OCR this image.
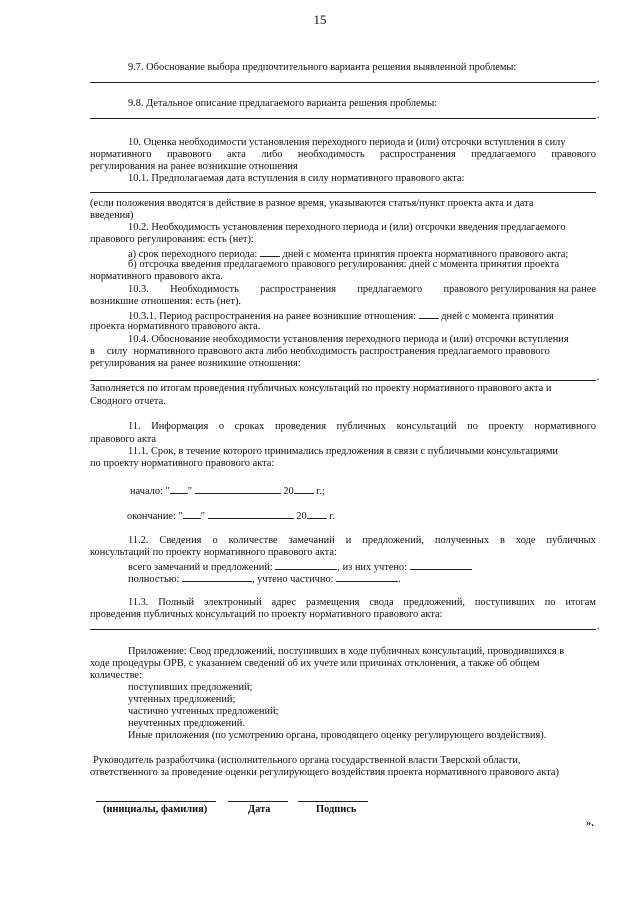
15
9.7. Обоснование выбора предпочтительного варианта решения выявленной проблемы:
.
9.8. Детальное описание предлагаемого варианта решения проблемы:
.
10. Оценка необходимости установления переходного периода и (или) отсрочки вступления в силу
нормативного правового акта либо необходимость распространения предлагаемого правового
регулирования на ранее возникшие отношения
10.1. Предполагаемая дата вступления в силу нормативного правового акта:
(если положения вводятся в действие в разное время, указываются статья/пункт проекта акта и дата
введения)
10.2. Необходимость установления переходного периода и (или) отсрочки введения предлагаемого
правового регулирования: есть (нет):
а) срок переходного периода: дней с момента принятия проекта нормативного правового акта;
б) отсрочка введения предлагаемого правового регулирования: дней с момента принятия проекта
нормативного правового акта.
10.3. Необходимость распространения предлагаемого правового регулирования на ранее
возникшие отношения: есть (нет).
10.3.1. Период распространения на ранее возникшие отношения: дней с момента принятия
проекта нормативного правового акта.
10.4. Обоснование необходимости установления переходного периода и (или) отсрочки вступления
в силу нормативного правового акта либо необходимость распространения предлагаемого правового
регулирования на ранее возникшие отношения:
.
Заполняется по итогам проведения публичных консультаций по проекту нормативного правового акта и
Сводного отчета.
11. Информация о сроках проведения публичных консультаций по проекту нормативного
правового акта
11.1. Срок, в течение которого принимались предложения в связи с публичными консультациями
по проекту нормативного правового акта:
начало: " "	20 г.;
окончание: " "	20 г.
11.2. Сведения о количестве замечаний и предложений, полученных в ходе публичных
консультаций по проекту нормативного правового акта:
всего замечаний и предложений:	, из них учтено:
полностью:	, учтено частично:	.
11.3. Полный электронный адрес размещения свода предложений, поступивших по итогам
проведения публичных консультаций по проекту нормативного правового акта:
.
Приложение: Свод предложений, поступивших в ходе публичных консультаций, проводившихся в
ходе процедуры ОРВ, с указанием сведений об их учете или причинах отклонения, а также об общем
количестве:
поступивших предложений;
учтенных предложений;
частично учтенных предложений;
неучтенных предложений.
Иные приложения (по усмотрению органа, проводящего оценку регулирующего воздействия).
Руководитель разработчика (исполнительного органа государственной власти Тверской области,
ответственного за проведение оценки регулирующего воздействия проекта нормативного правового акта)
(инициалы, фамилия)	Дата	Подпись
».
